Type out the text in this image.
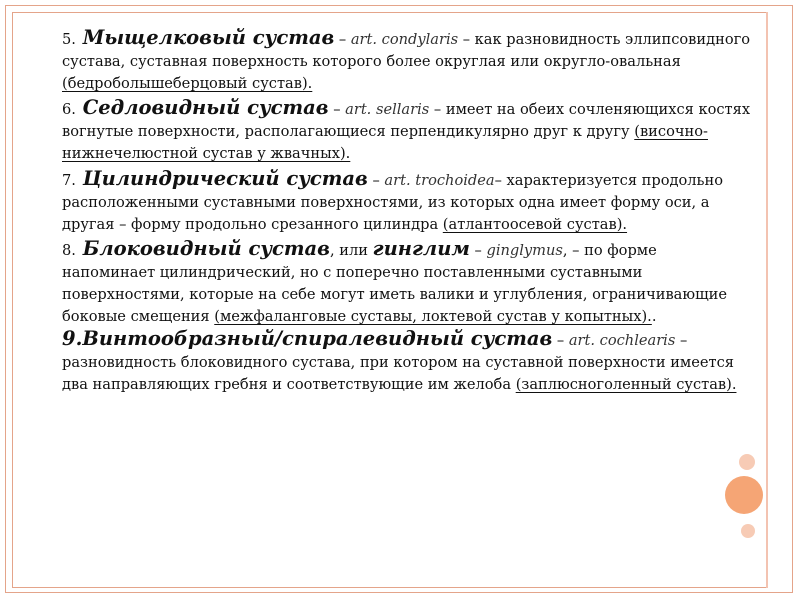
5. Мыщелковый сустав – art. condylaris – как разновидность эллипсовидного сустава, суставная поверхность которого более округлая или округло-овальная (бедроболышеберцовый сустав).

6. Седловидный сустав – art. sellaris – имеет на обеих сочленяющихся костях вогнутые поверхности, располагающиеся перпендикулярно друг к другу (височно-нижнечелюстной сустав у жвачных).

7. Цилиндрический сустав – art. trochoidea– характеризуется продольно расположенными суставными поверхностями, из которых одна имеет форму оси, а другая – форму продольно срезанного цилиндра (атлантоосевой сустав).

8. Блоковидный сустав, или гинглим – ginglymus, – по форме напоминает цилиндрический, но с поперечно поставленными суставными поверхностями, которые на себе могут иметь валики и углубления, ограничивающие боковые смещения (межфаланговые суставы, локтевой сустав у копытных).. 9.Винтообразный/спиралевидный сустав – art. cochlearis – разновидность блоковидного сустава, при котором на суставной поверхности имеется два направляющих гребня и соответствующие им желоба (заплюсноголенный сустав).
